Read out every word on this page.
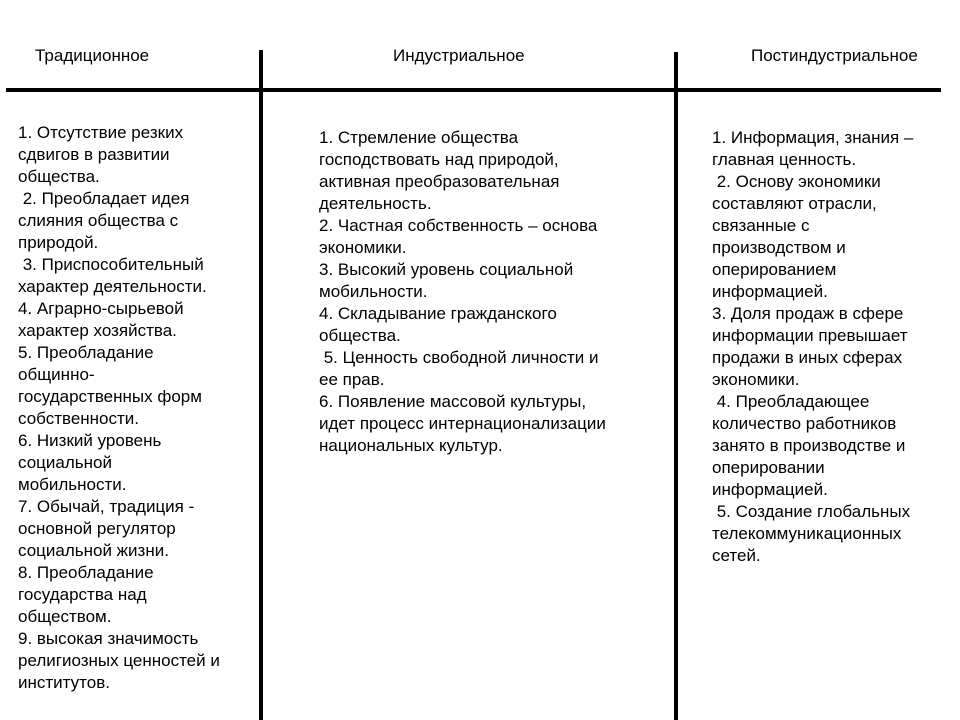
Традиционное	Индустриальное	Постиндустриальное
1. Отсутствие резких
сдвигов в развитии
общества.
2. Преобладает идея
слияния общества с
природой.
3. Приспособительный
характер деятельности.
4. Аграрно-сырьевой
характер хозяйства.
5. Преобладание
общинно-
государственных форм
собственности.
6. Низкий уровень
социальной
мобильности.
7. Обычай, традиция -
основной регулятор
социальной жизни.
8. Преобладание
государства над
обществом.
9. высокая значимость
религиозных ценностей и
институтов.
1. Стремление общества
господствовать над природой,
активная преобразовательная
деятельность.
2. Частная собственность – основа
экономики.
3. Высокий уровень социальной
мобильности.
4. Складывание гражданского
общества.
5. Ценность свободной личности и
ее прав.
6. Появление массовой культуры,
идет процесс интернационализации
национальных культур.
1. Информация, знания –
главная ценность.
2. Основу экономики
составляют отрасли,
связанные с
производством и
оперированием
информацией.
3. Доля продаж в сфере
информации превышает
продажи в иных сферах
экономики.
4. Преобладающее
количество работников
занято в производстве и
оперировании
информацией.
5. Создание глобальных
телекоммуникационных
сетей.
